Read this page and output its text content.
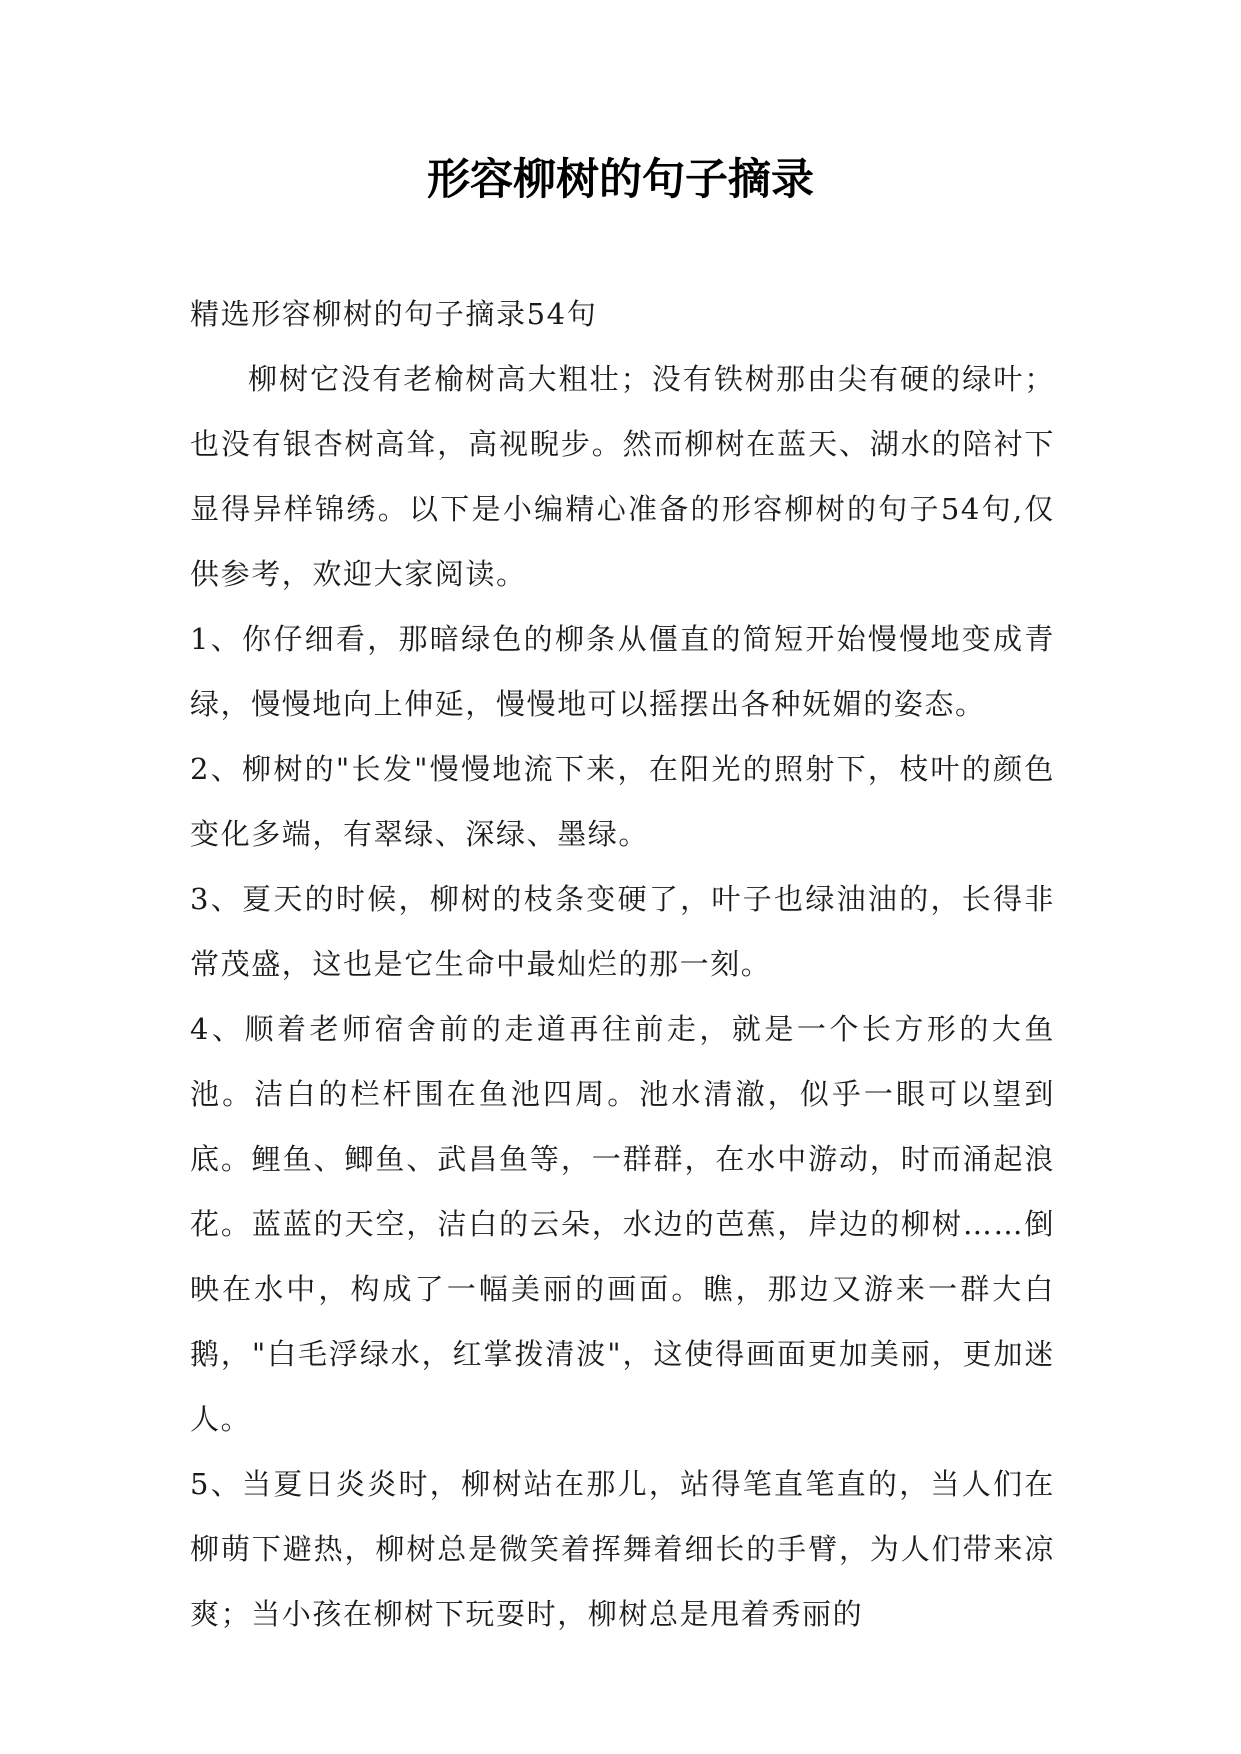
形容柳树的句子摘录

精选形容柳树的句子摘录54句

柳树它没有老榆树高大粗壮；没有铁树那由尖有硬的绿叶；也没有银杏树高耸，高视睨步。然而柳树在蓝天、湖水的陪衬下显得异样锦绣。以下是小编精心准备的形容柳树的句子54句,仅供参考，欢迎大家阅读。

1、你仔细看，那暗绿色的柳条从僵直的简短开始慢慢地变成青绿，慢慢地向上伸延，慢慢地可以摇摆出各种妩媚的姿态。

2、柳树的"长发"慢慢地流下来，在阳光的照射下，枝叶的颜色变化多端，有翠绿、深绿、墨绿。

3、夏天的时候，柳树的枝条变硬了，叶子也绿油油的，长得非常茂盛，这也是它生命中最灿烂的那一刻。

4、顺着老师宿舍前的走道再往前走，就是一个长方形的大鱼池。洁白的栏杆围在鱼池四周。池水清澈，似乎一眼可以望到底。鲤鱼、鲫鱼、武昌鱼等，一群群，在水中游动，时而涌起浪花。蓝蓝的天空，洁白的云朵，水边的芭蕉，岸边的柳树……倒映在水中，构成了一幅美丽的画面。瞧，那边又游来一群大白鹅，"白毛浮绿水，红掌拨清波"，这使得画面更加美丽，更加迷人。

5、当夏日炎炎时，柳树站在那儿，站得笔直笔直的，当人们在柳萌下避热，柳树总是微笑着挥舞着细长的手臂，为人们带来凉爽；当小孩在柳树下玩耍时，柳树总是甩着秀丽的
